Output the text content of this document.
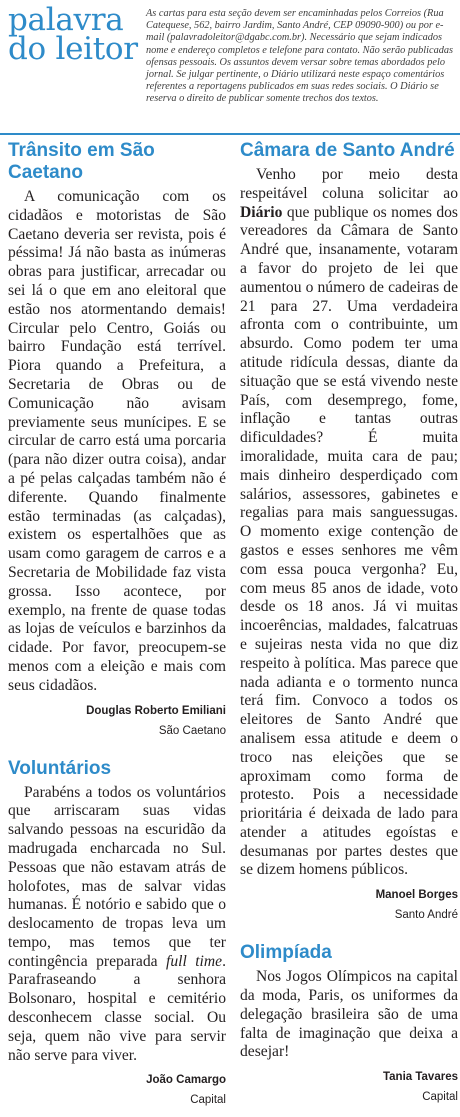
palavra
do leitor
As cartas para esta seção devem ser encaminhadas pelos Correios (Rua Catequese, 562, bairro Jardim, Santo André, CEP 09090-900) ou por e-mail (palavradoleitor@dgabc.com.br). Necessário que sejam indicados nome e endereço completos e telefone para contato. Não serão publicadas ofensas pessoais. Os assuntos devem versar sobre temas abordados pelo jornal. Se julgar pertinente, o Diário utilizará neste espaço comentários referentes a reportagens publicados em suas redes sociais. O Diário se reserva o direito de publicar somente trechos dos textos.
Trânsito em São Caetano

A comunicação com os cidadãos e motoristas de São Caetano deveria ser revista, pois é péssima! Já não basta as inúmeras obras para justificar, arrecadar ou sei lá o que em ano eleitoral que estão nos atormentando demais! Circular pelo Centro, Goiás ou bairro Fundação está terrível. Piora quando a Prefeitura, a Secretaria de Obras ou de Comunicação não avisam previamente seus munícipes. E se circular de carro está uma porcaria (para não dizer outra coisa), andar a pé pelas calçadas também não é diferente. Quando finalmente estão terminadas (as calçadas), existem os espertalhões que as usam como garagem de carros e a Secretaria de Mobilidade faz vista grossa. Isso acontece, por exemplo, na frente de quase todas as lojas de veículos e barzinhos da cidade. Por favor, preocupem-se menos com a eleição e mais com seus cidadãos.

Douglas Roberto Emiliani
São Caetano
Voluntários

Parabéns a todos os voluntários que arriscaram suas vidas salvando pessoas na escuridão da madrugada encharcada no Sul. Pessoas que não estavam atrás de holofotes, mas de salvar vidas humanas. É notório e sabido que o deslocamento de tropas leva um tempo, mas temos que ter contingência preparada full time. Parafraseando a senhora Bolsonaro, hospital e cemitério desconhecem classe social. Ou seja, quem não vive para servir não serve para viver.

João Camargo
Capital
Câmara de Santo André

Venho por meio desta respeitável coluna solicitar ao Diário que publique os nomes dos vereadores da Câmara de Santo André que, insanamente, votaram a favor do projeto de lei que aumentou o número de cadeiras de 21 para 27. Uma verdadeira afronta com o contribuinte, um absurdo. Como podem ter uma atitude ridícula dessas, diante da situação que se está vivendo neste País, com desemprego, fome, inflação e tantas outras dificuldades? É muita imoralidade, muita cara de pau; mais dinheiro desperdiçado com salários, assessores, gabinetes e regalias para mais sanguessugas. O momento exige contenção de gastos e esses senhores me vêm com essa pouca vergonha? Eu, com meus 85 anos de idade, voto desde os 18 anos. Já vi muitas incoerências, maldades, falcatruas e sujeiras nesta vida no que diz respeito à política. Mas parece que nada adianta e o tormento nunca terá fim. Convoco a todos os eleitores de Santo André que analisem essa atitude e deem o troco nas eleições que se aproximam como forma de protesto. Pois a necessidade prioritária é deixada de lado para atender a atitudes egoístas e desumanas por partes destes que se dizem homens públicos.

Manoel Borges
Santo André
Olimpíada

Nos Jogos Olímpicos na capital da moda, Paris, os uniformes da delegação brasileira são de uma falta de imaginação que deixa a desejar!

Tania Tavares
Capital
